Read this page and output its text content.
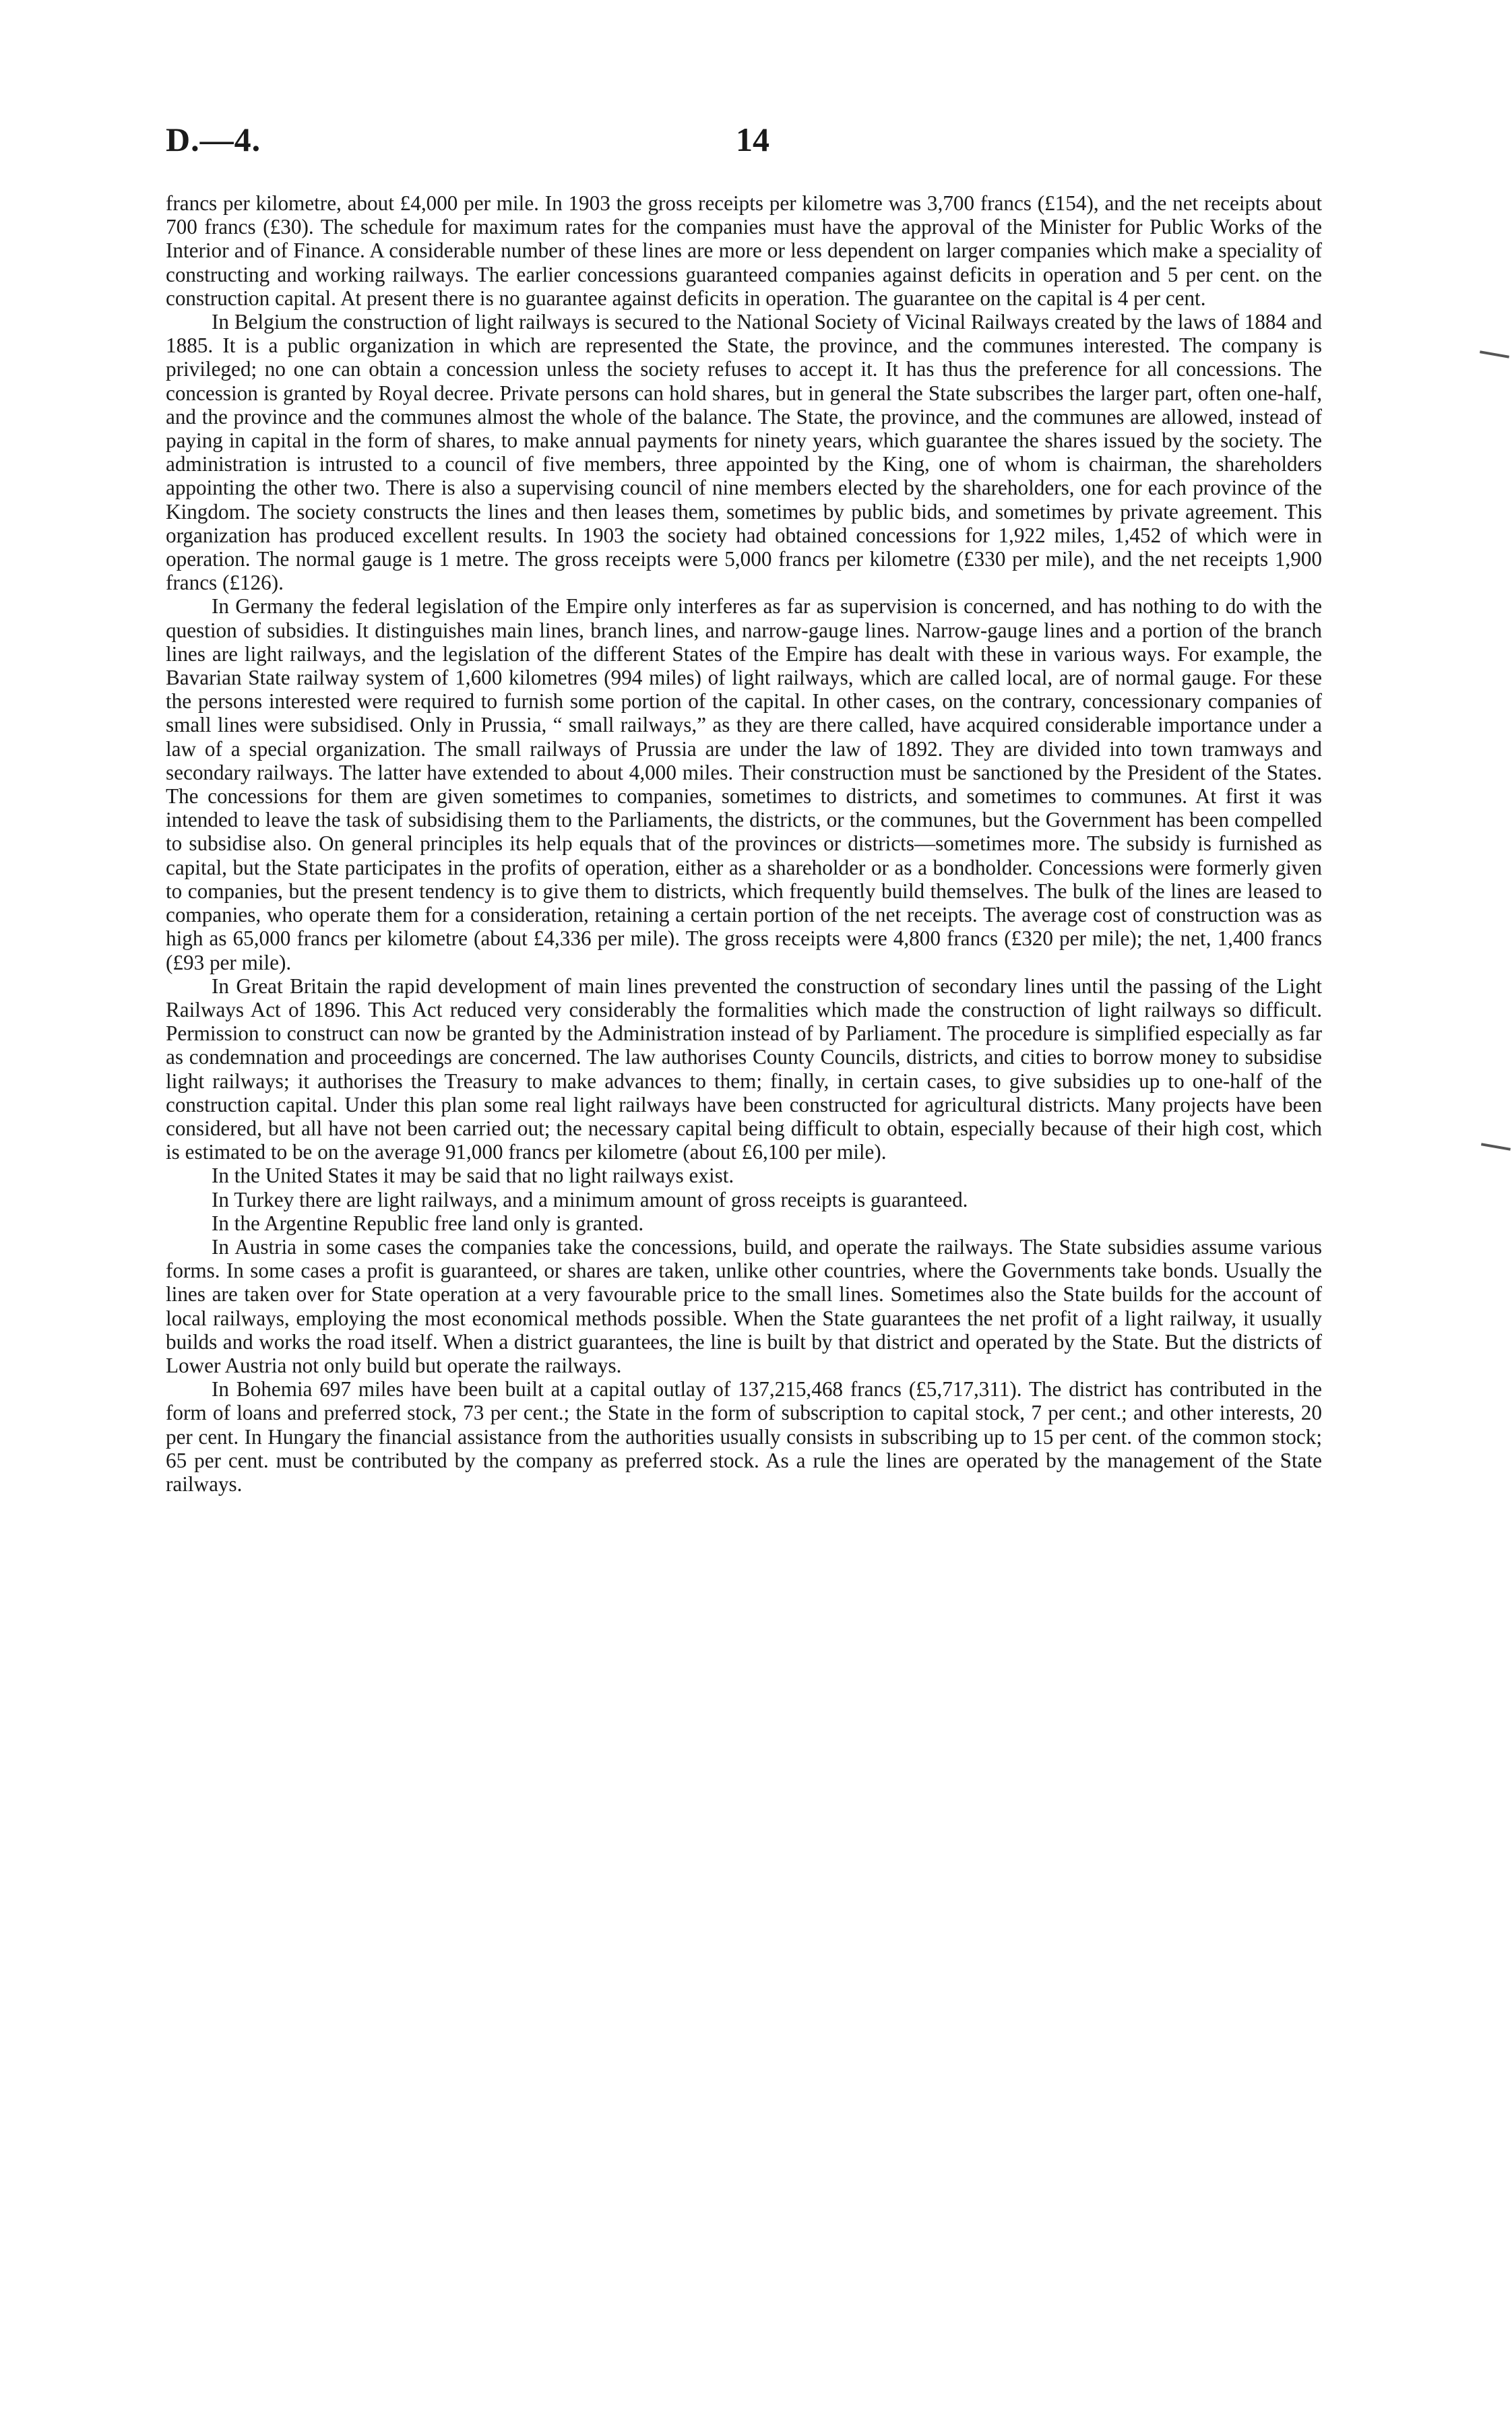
D.—4.	14

francs per kilometre, about £4,000 per mile. In 1903 the gross receipts per kilometre was 3,700 francs (£154), and the net receipts about 700 francs (£30). The schedule for maximum rates for the companies must have the approval of the Minister for Public Works of the Interior and of Finance. A considerable number of these lines are more or less dependent on larger companies which make a speciality of constructing and working railways. The earlier concessions guaranteed companies against deficits in operation and 5 per cent. on the construction capital. At present there is no guarantee against deficits in operation. The guarantee on the capital is 4 per cent.

In Belgium the construction of light railways is secured to the National Society of Vicinal Railways created by the laws of 1884 and 1885. It is a public organization in which are represented the State, the province, and the communes interested. The company is privileged; no one can obtain a concession unless the society refuses to accept it. It has thus the preference for all concessions. The concession is granted by Royal decree. Private persons can hold shares, but in general the State subscribes the larger part, often one-half, and the province and the communes almost the whole of the balance. The State, the province, and the communes are allowed, instead of paying in capital in the form of shares, to make annual payments for ninety years, which guarantee the shares issued by the society. The administration is intrusted to a council of five members, three appointed by the King, one of whom is chairman, the shareholders appointing the other two. There is also a supervising council of nine members elected by the shareholders, one for each province of the Kingdom. The society constructs the lines and then leases them, sometimes by public bids, and sometimes by private agreement. This organization has produced excellent results. In 1903 the society had obtained concessions for 1,922 miles, 1,452 of which were in operation. The normal gauge is 1 metre. The gross receipts were 5,000 francs per kilometre (£330 per mile), and the net receipts 1,900 francs (£126).

In Germany the federal legislation of the Empire only interferes as far as supervision is concerned, and has nothing to do with the question of subsidies. It distinguishes main lines, branch lines, and narrow-gauge lines. Narrow-gauge lines and a portion of the branch lines are light railways, and the legislation of the different States of the Empire has dealt with these in various ways. For example, the Bavarian State railway system of 1,600 kilometres (994 miles) of light railways, which are called local, are of normal gauge. For these the persons interested were required to furnish some portion of the capital. In other cases, on the contrary, concessionary companies of small lines were subsidised. Only in Prussia, “ small railways,” as they are there called, have acquired considerable importance under a law of a special organization. The small railways of Prussia are under the law of 1892. They are divided into town tramways and secondary railways. The latter have extended to about 4,000 miles. Their construction must be sanctioned by the President of the States. The concessions for them are given sometimes to companies, sometimes to districts, and sometimes to communes. At first it was intended to leave the task of subsidising them to the Parliaments, the districts, or the communes, but the Government has been compelled to subsidise also. On general principles its help equals that of the provinces or districts—sometimes more. The subsidy is furnished as capital, but the State participates in the profits of operation, either as a shareholder or as a bondholder. Concessions were formerly given to companies, but the present tendency is to give them to districts, which frequently build themselves. The bulk of the lines are leased to companies, who operate them for a consideration, retaining a certain portion of the net receipts. The average cost of construction was as high as 65,000 francs per kilometre (about £4,336 per mile). The gross receipts were 4,800 francs (£320 per mile); the net, 1,400 francs (£93 per mile).

In Great Britain the rapid development of main lines prevented the construction of secondary lines until the passing of the Light Railways Act of 1896. This Act reduced very considerably the formalities which made the construction of light railways so difficult. Permission to construct can now be granted by the Administration instead of by Parliament. The procedure is simplified especially as far as condemnation and proceedings are concerned. The law authorises County Councils, districts, and cities to borrow money to subsidise light railways; it authorises the Treasury to make advances to them; finally, in certain cases, to give subsidies up to one-half of the construction capital. Under this plan some real light railways have been constructed for agricultural districts. Many projects have been considered, but all have not been carried out; the necessary capital being difficult to obtain, especially because of their high cost, which is estimated to be on the average 91,000 francs per kilometre (about £6,100 per mile).

In the United States it may be said that no light railways exist.

In Turkey there are light railways, and a minimum amount of gross receipts is guaranteed.

In the Argentine Republic free land only is granted.

In Austria in some cases the companies take the concessions, build, and operate the railways. The State subsidies assume various forms. In some cases a profit is guaranteed, or shares are taken, unlike other countries, where the Governments take bonds. Usually the lines are taken over for State operation at a very favourable price to the small lines. Sometimes also the State builds for the account of local railways, employing the most economical methods possible. When the State guarantees the net profit of a light railway, it usually builds and works the road itself. When a district guarantees, the line is built by that district and operated by the State. But the districts of Lower Austria not only build but operate the railways.

In Bohemia 697 miles have been built at a capital outlay of 137,215,468 francs (£5,717,311). The district has contributed in the form of loans and preferred stock, 73 per cent.; the State in the form of subscription to capital stock, 7 per cent.; and other interests, 20 per cent. In Hungary the financial assistance from the authorities usually consists in subscribing up to 15 per cent. of the common stock; 65 per cent. must be contributed by the company as preferred stock. As a rule the lines are operated by the management of the State railways.
